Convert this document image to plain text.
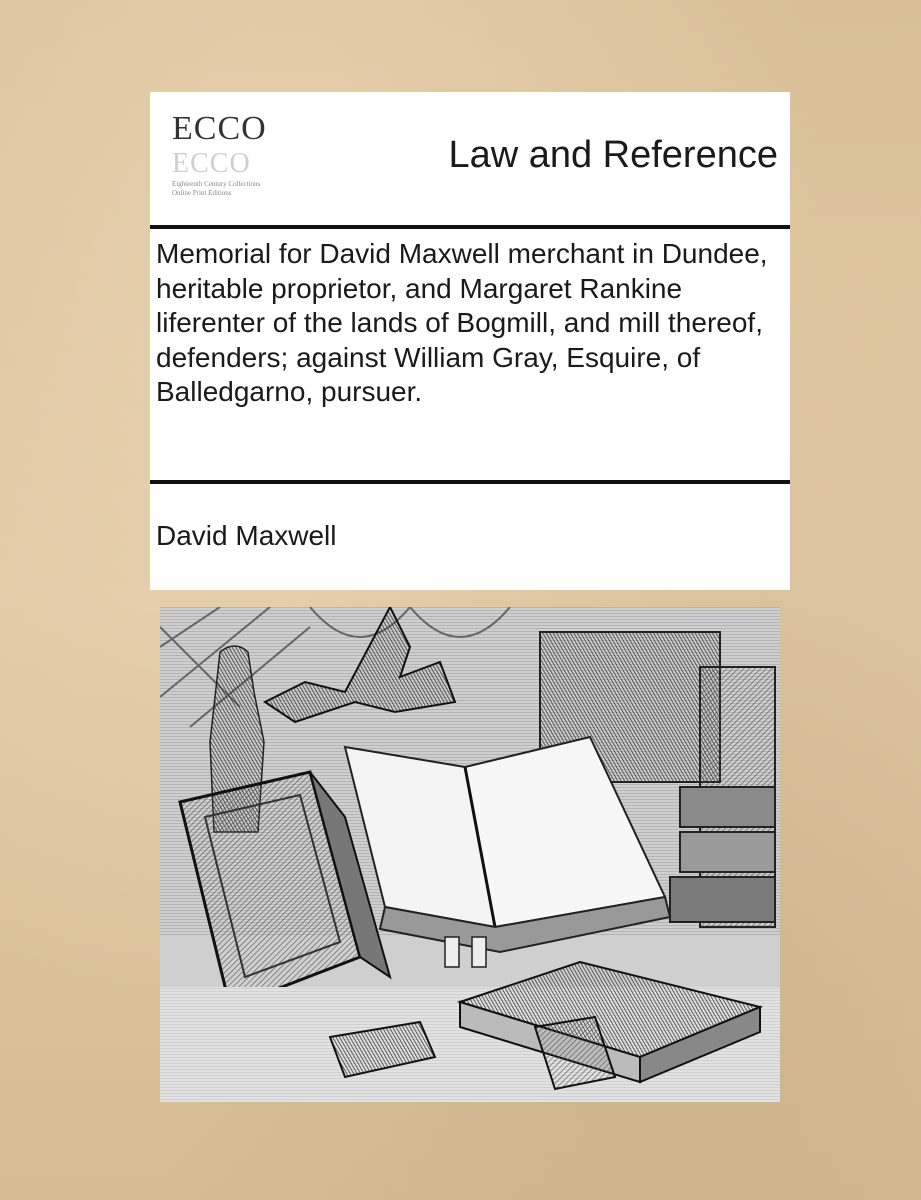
ECCO
ECCO
Eighteenth Century Collections Online Print Editions
Law and Reference
Memorial for David Maxwell merchant in Dundee, heritable proprietor, and Margaret Rankine liferenter of the lands of Bogmill, and mill thereof, defenders; against William Gray, Esquire, of Balledgarno, pursuer.
David Maxwell
